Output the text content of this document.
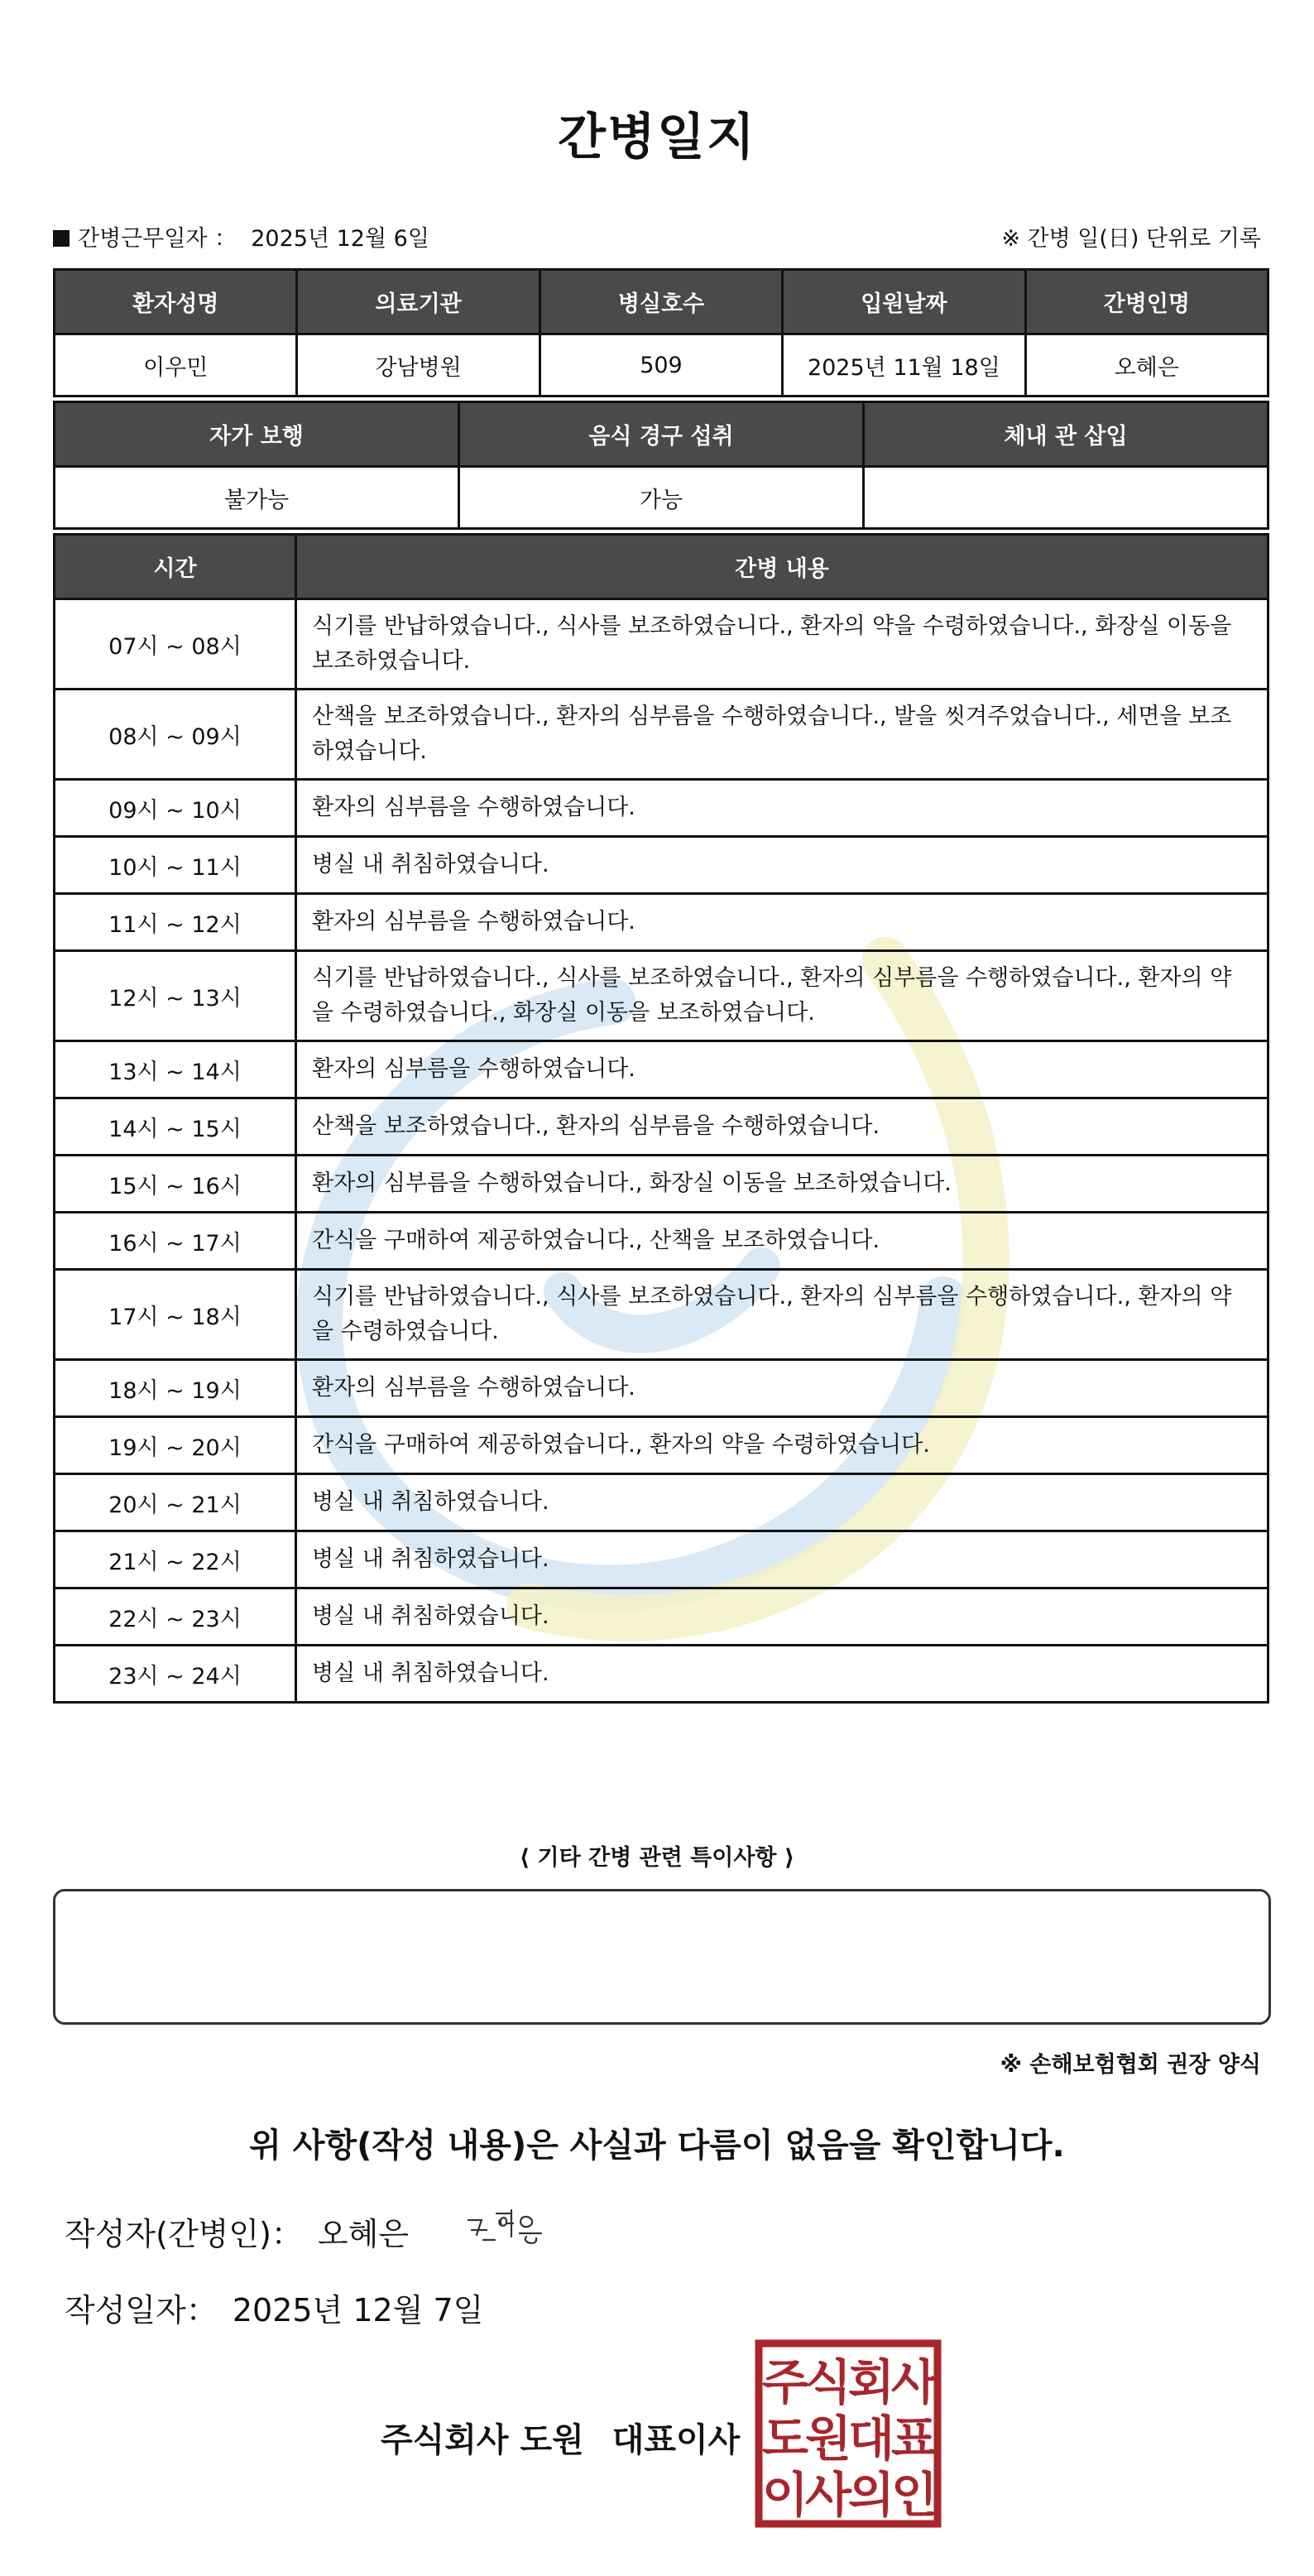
간병일지
간병근무일자 ： 2025년 12월 6일	※ 간병 일(日) 단위로 기록
환자성명	의료기관	병실호수	입원날짜	간병인명
이우민	강남병원	509	2025년 11월 18일	오혜은
자가 보행	음식 경구 섭취	체내 관 삽입
불가능	가능	
시간	간병 내용
07시 ~ 08시	식기를 반납하였습니다., 식사를 보조하였습니다., 환자의 약을 수령하였습니다., 화장실 이동을 보조하였습니다.
08시 ~ 09시	산책을 보조하였습니다., 환자의 심부름을 수행하였습니다., 발을 씻겨주었습니다., 세면을 보조하였습니다.
09시 ~ 10시	환자의 심부름을 수행하였습니다.
10시 ~ 11시	병실 내 취침하였습니다.
11시 ~ 12시	환자의 심부름을 수행하였습니다.
12시 ~ 13시	식기를 반납하였습니다., 식사를 보조하였습니다., 환자의 심부름을 수행하였습니다., 환자의 약을 수령하였습니다., 화장실 이동을 보조하였습니다.
13시 ~ 14시	환자의 심부름을 수행하였습니다.
14시 ~ 15시	산책을 보조하였습니다., 환자의 심부름을 수행하였습니다.
15시 ~ 16시	환자의 심부름을 수행하였습니다., 화장실 이동을 보조하였습니다.
16시 ~ 17시	간식을 구매하여 제공하였습니다., 산책을 보조하였습니다.
17시 ~ 18시	식기를 반납하였습니다., 식사를 보조하였습니다., 환자의 심부름을 수행하였습니다., 환자의 약을 수령하였습니다.
18시 ~ 19시	환자의 심부름을 수행하였습니다.
19시 ~ 20시	간식을 구매하여 제공하였습니다., 환자의 약을 수령하였습니다.
20시 ~ 21시	병실 내 취침하였습니다.
21시 ~ 22시	병실 내 취침하였습니다.
22시 ~ 23시	병실 내 취침하였습니다.
23시 ~ 24시	병실 내 취침하였습니다.
⟨ 기타 간병 관련 특이사항 ⟩
※ 손해보험협회 권장 양식
위 사항(작성 내용)은 사실과 다름이 없음을 확인합니다.
작성자(간병인)： 오혜은
작성일자： 2025년 12월 7일
주식회사 도원 대표이사
주식회사
도원대표
이사의인
